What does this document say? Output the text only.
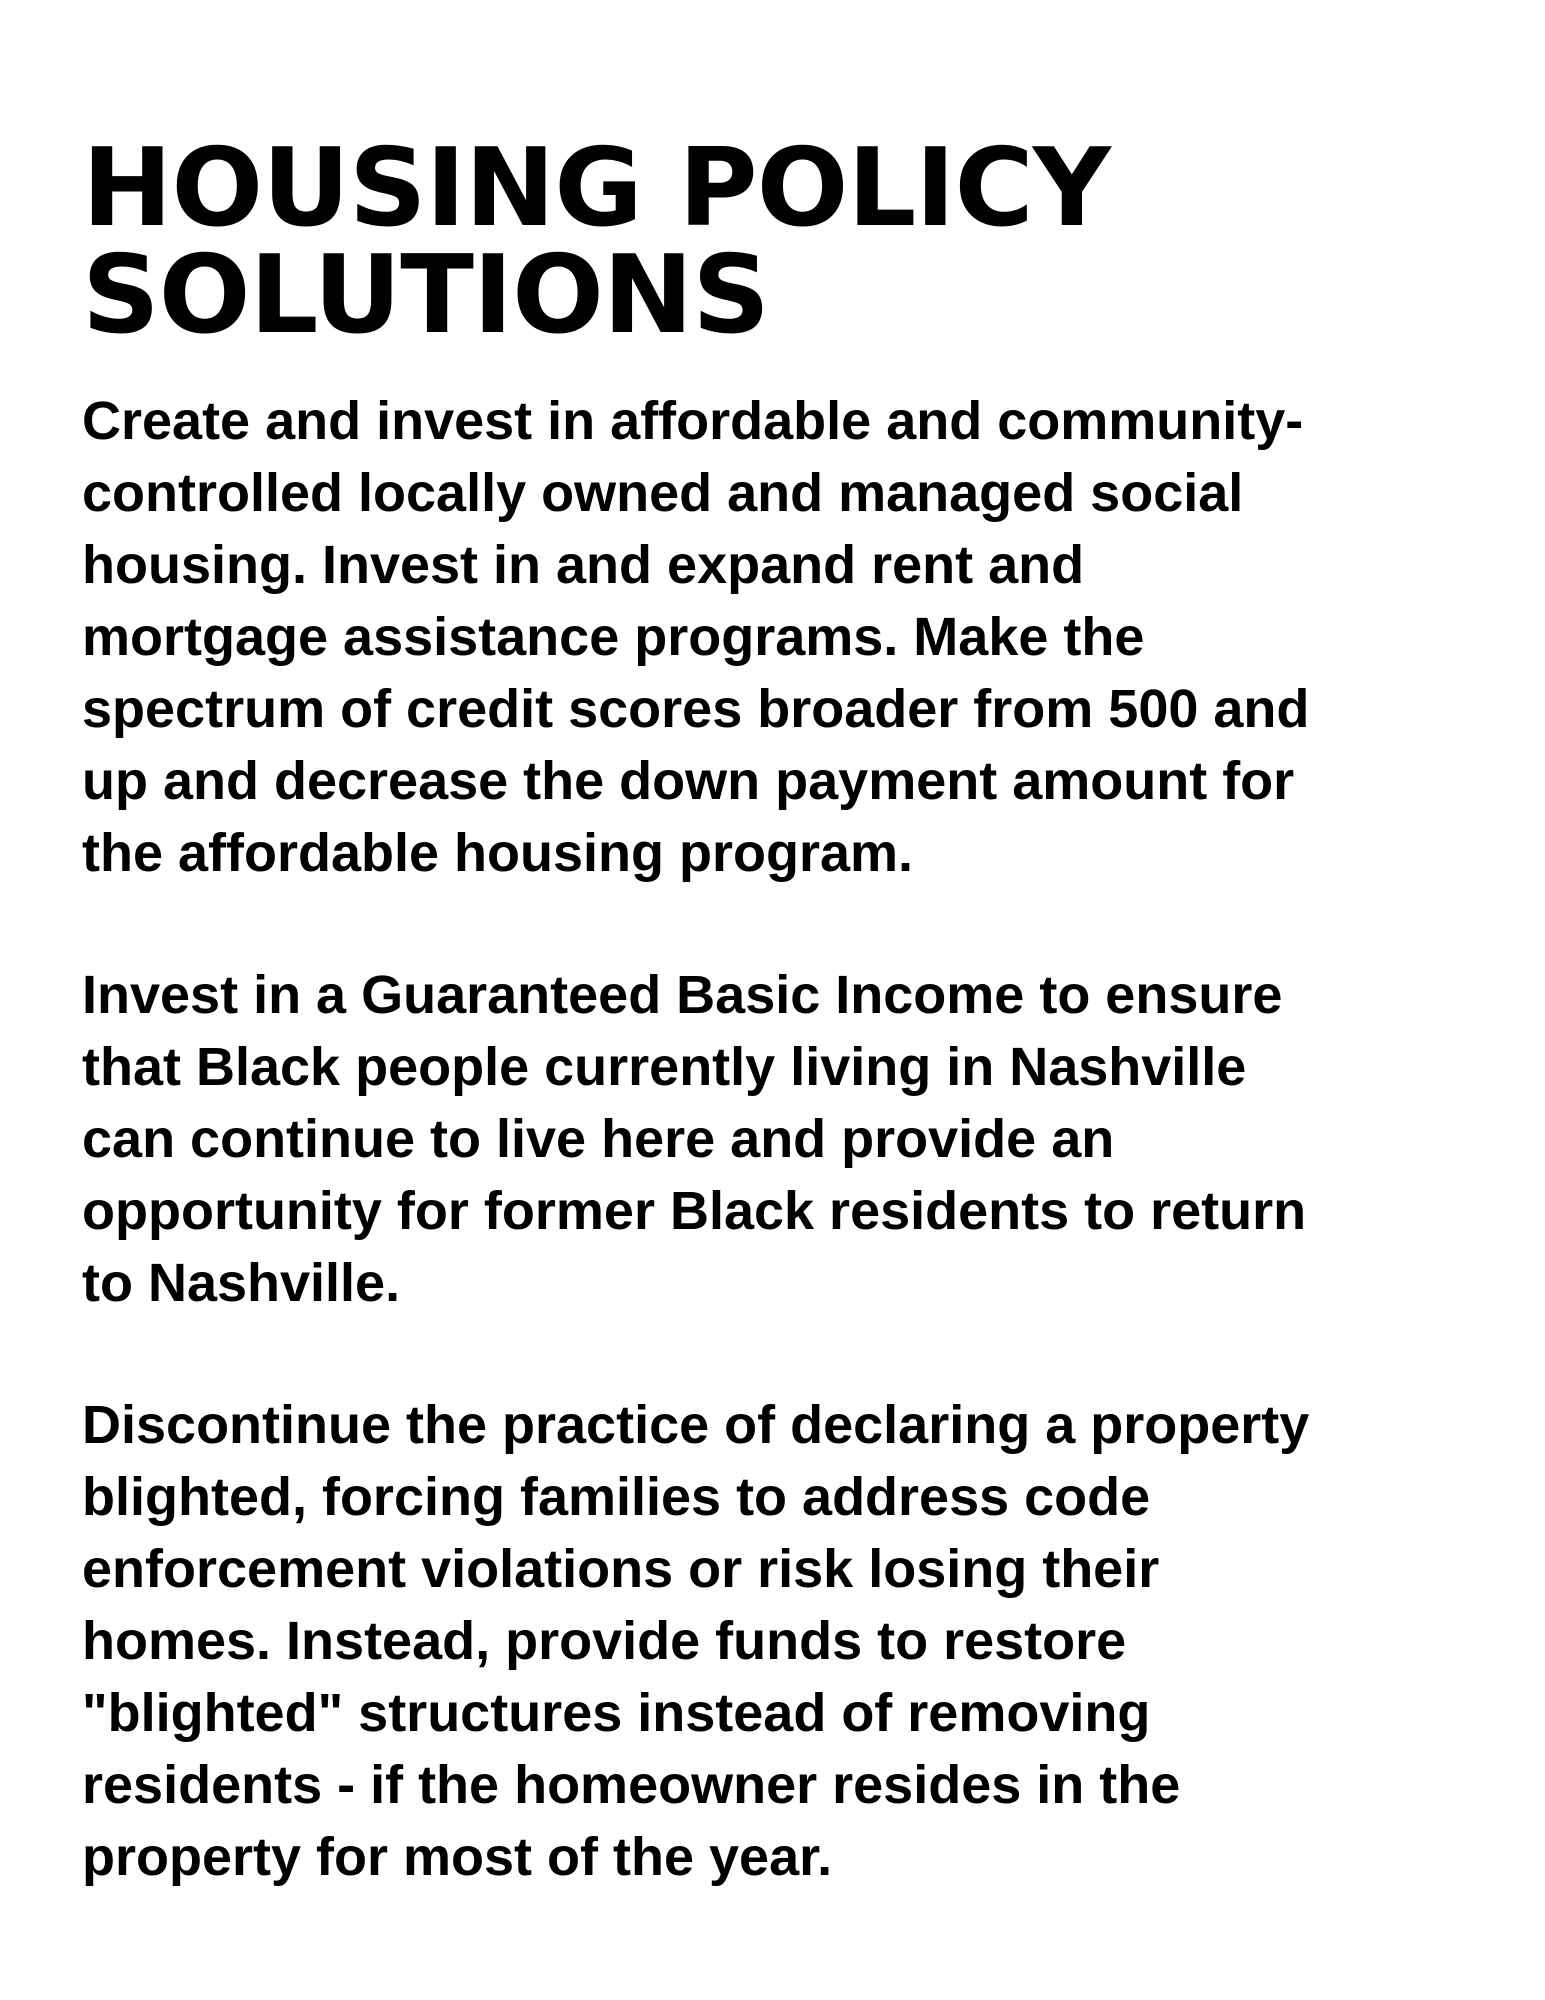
HOUSING POLICY
SOLUTIONS

Create and invest in affordable and community-
controlled locally owned and managed social
housing. Invest in and expand rent and
mortgage assistance programs. Make the
spectrum of credit scores broader from 500 and
up and decrease the down payment amount for
the affordable housing program.

Invest in a Guaranteed Basic Income to ensure
that Black people currently living in Nashville
can continue to live here and provide an
opportunity for former Black residents to return
to Nashville.

Discontinue the practice of declaring a property
blighted, forcing families to address code
enforcement violations or risk losing their
homes. Instead, provide funds to restore
"blighted" structures instead of removing
residents - if the homeowner resides in the
property for most of the year.
